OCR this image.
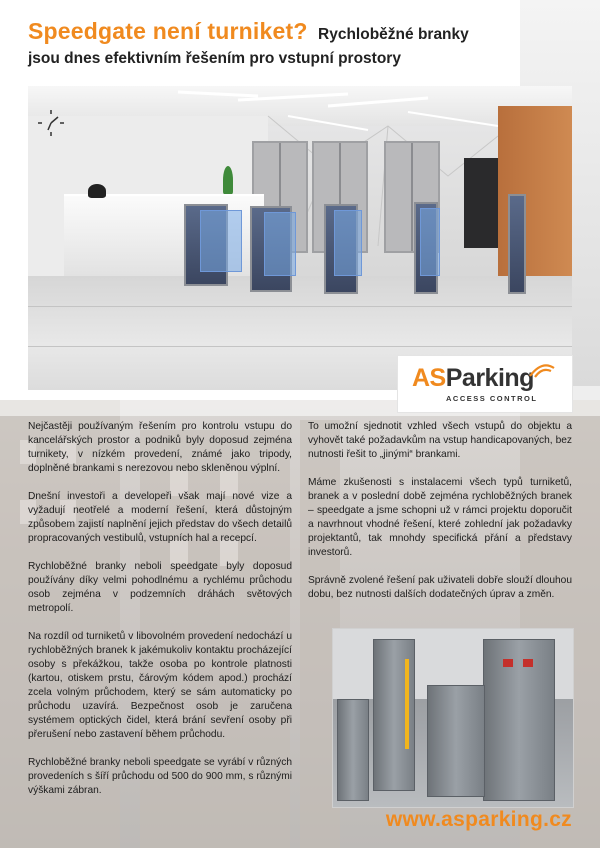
Speedgate není turniket? Rychloběžné branky
jsou dnes efektivním řešením pro vstupní prostory
ASParking
ACCESS CONTROL

Nejčastěji používaným řešením pro kontrolu vstupu do kancelářských prostor a podniků byly doposud zejména turnikety, v nízkém provedení, známé jako tripody, doplněné brankami s nerezovou nebo skleněnou výplní.

Dnešní investoři a developeři však mají nové vize a vyžadují neotřelé a moderní řešení, která důstojným způsobem zajistí naplnění jejich představ do všech detailů propracovaných vestibulů, vstupních hal a recepcí.

Rychloběžné branky neboli speedgate byly doposud používány díky velmi pohodlnému a rychlému průchodu osob zejména v podzemních dráhách světových metropolí.

Na rozdíl od turniketů v libovolném provedení nedochází u rychloběžných branek k jakémukoliv kontaktu procházející osoby s překážkou, takže osoba po kontrole platnosti (kartou, otiskem prstu, čárovým kódem apod.) prochází zcela volným průchodem, který se sám automaticky po průchodu uzavírá. Bezpečnost osob je zaručena systémem optických čidel, která brání sevření osoby při přerušení nebo zastavení během průchodu.

Rychloběžné branky neboli speedgate se vyrábí v různých provedeních s šíří průchodu od 500 do 900 mm, s různými výškami zábran.

To umožní sjednotit vzhled všech vstupů do objektu a vyhovět také požadavkům na vstup handicapovaných, bez nutnosti řešit to „jinými“ brankami.

Máme zkušenosti s instalacemi všech typů turniketů, branek a v poslední době zejména rychloběžných branek – speedgate a jsme schopni už v rámci projektu doporučit a navrhnout vhodné řešení, které zohlední jak požadavky projektantů, tak mnohdy specifická přání a představy investorů.

Správně zvolené řešení pak uživateli dobře slouží dlouhou dobu, bez nutnosti dalších dodatečných úprav a změn.

www.asparking.cz
